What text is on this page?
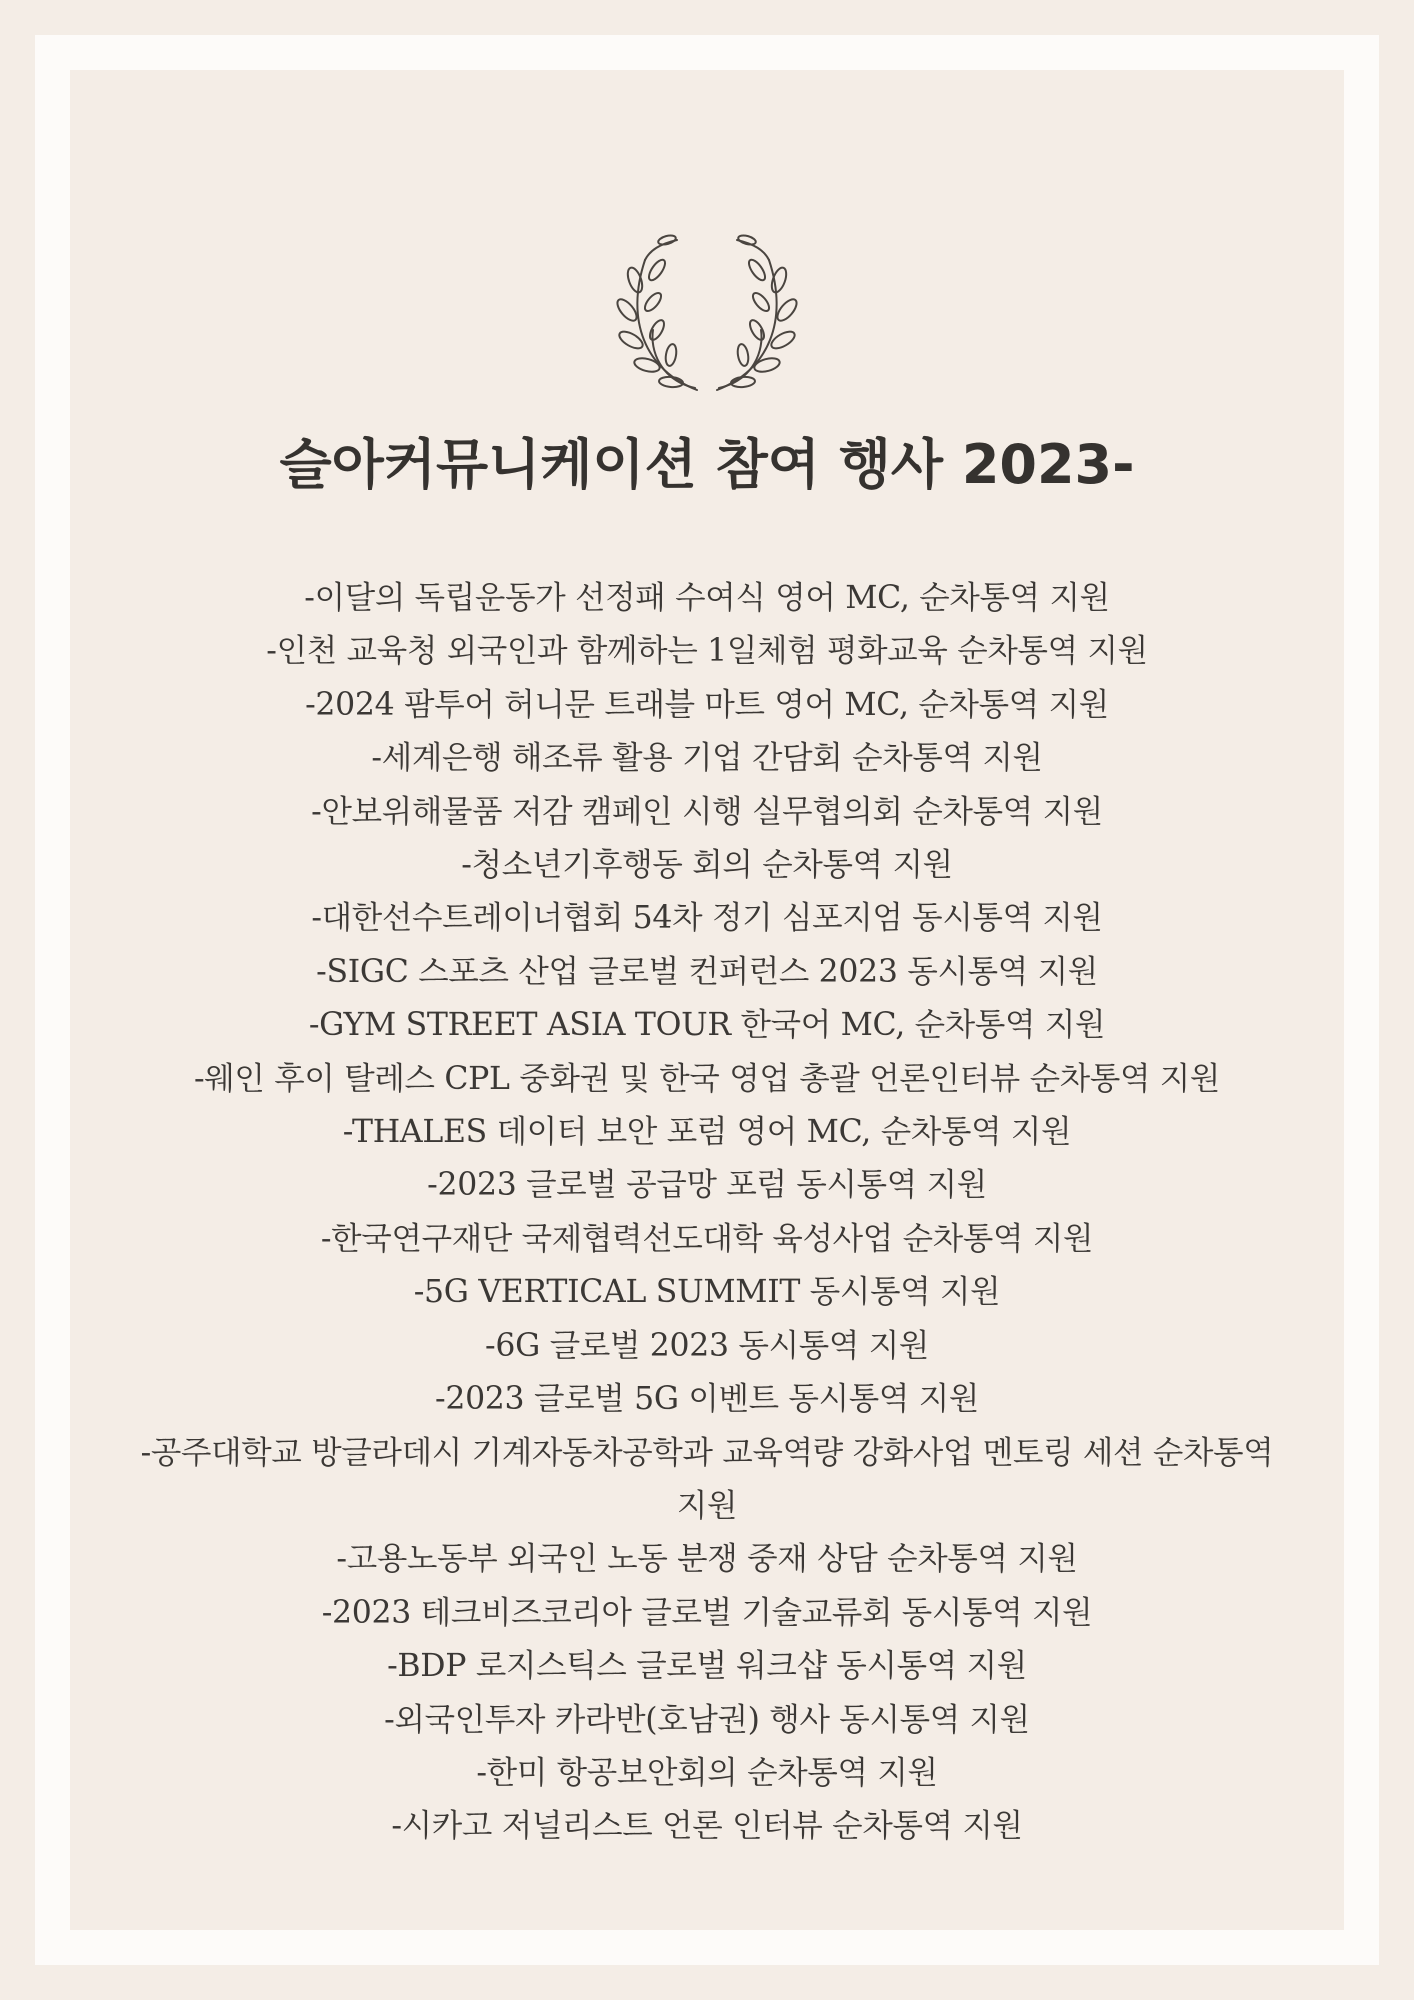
슬아커뮤니케이션 참여 행사 2023-
-이달의 독립운동가 선정패 수여식 영어 MC, 순차통역 지원
-인천 교육청 외국인과 함께하는 1일체험 평화교육 순차통역 지원
-2024 팜투어 허니문 트래블 마트 영어 MC, 순차통역 지원
-세계은행 해조류 활용 기업 간담회 순차통역 지원
-안보위해물품 저감 캠페인 시행 실무협의회 순차통역 지원
-청소년기후행동 회의 순차통역 지원
-대한선수트레이너협회 54차 정기 심포지엄 동시통역 지원
-SIGC 스포츠 산업 글로벌 컨퍼런스 2023 동시통역 지원
-GYM STREET ASIA TOUR 한국어 MC, 순차통역 지원
-웨인 후이 탈레스 CPL 중화권 및 한국 영업 총괄 언론인터뷰 순차통역 지원
-THALES 데이터 보안 포럼 영어 MC, 순차통역 지원
-2023 글로벌 공급망 포럼 동시통역 지원
-한국연구재단 국제협력선도대학 육성사업 순차통역 지원
-5G VERTICAL SUMMIT 동시통역 지원
-6G 글로벌 2023 동시통역 지원
-2023 글로벌 5G 이벤트 동시통역 지원
-공주대학교 방글라데시 기계자동차공학과 교육역량 강화사업 멘토링 세션 순차통역 지원
-고용노동부 외국인 노동 분쟁 중재 상담 순차통역 지원
-2023 테크비즈코리아 글로벌 기술교류회 동시통역 지원
-BDP 로지스틱스 글로벌 워크샵 동시통역 지원
-외국인투자 카라반(호남권) 행사 동시통역 지원
-한미 항공보안회의 순차통역 지원
-시카고 저널리스트 언론 인터뷰 순차통역 지원
